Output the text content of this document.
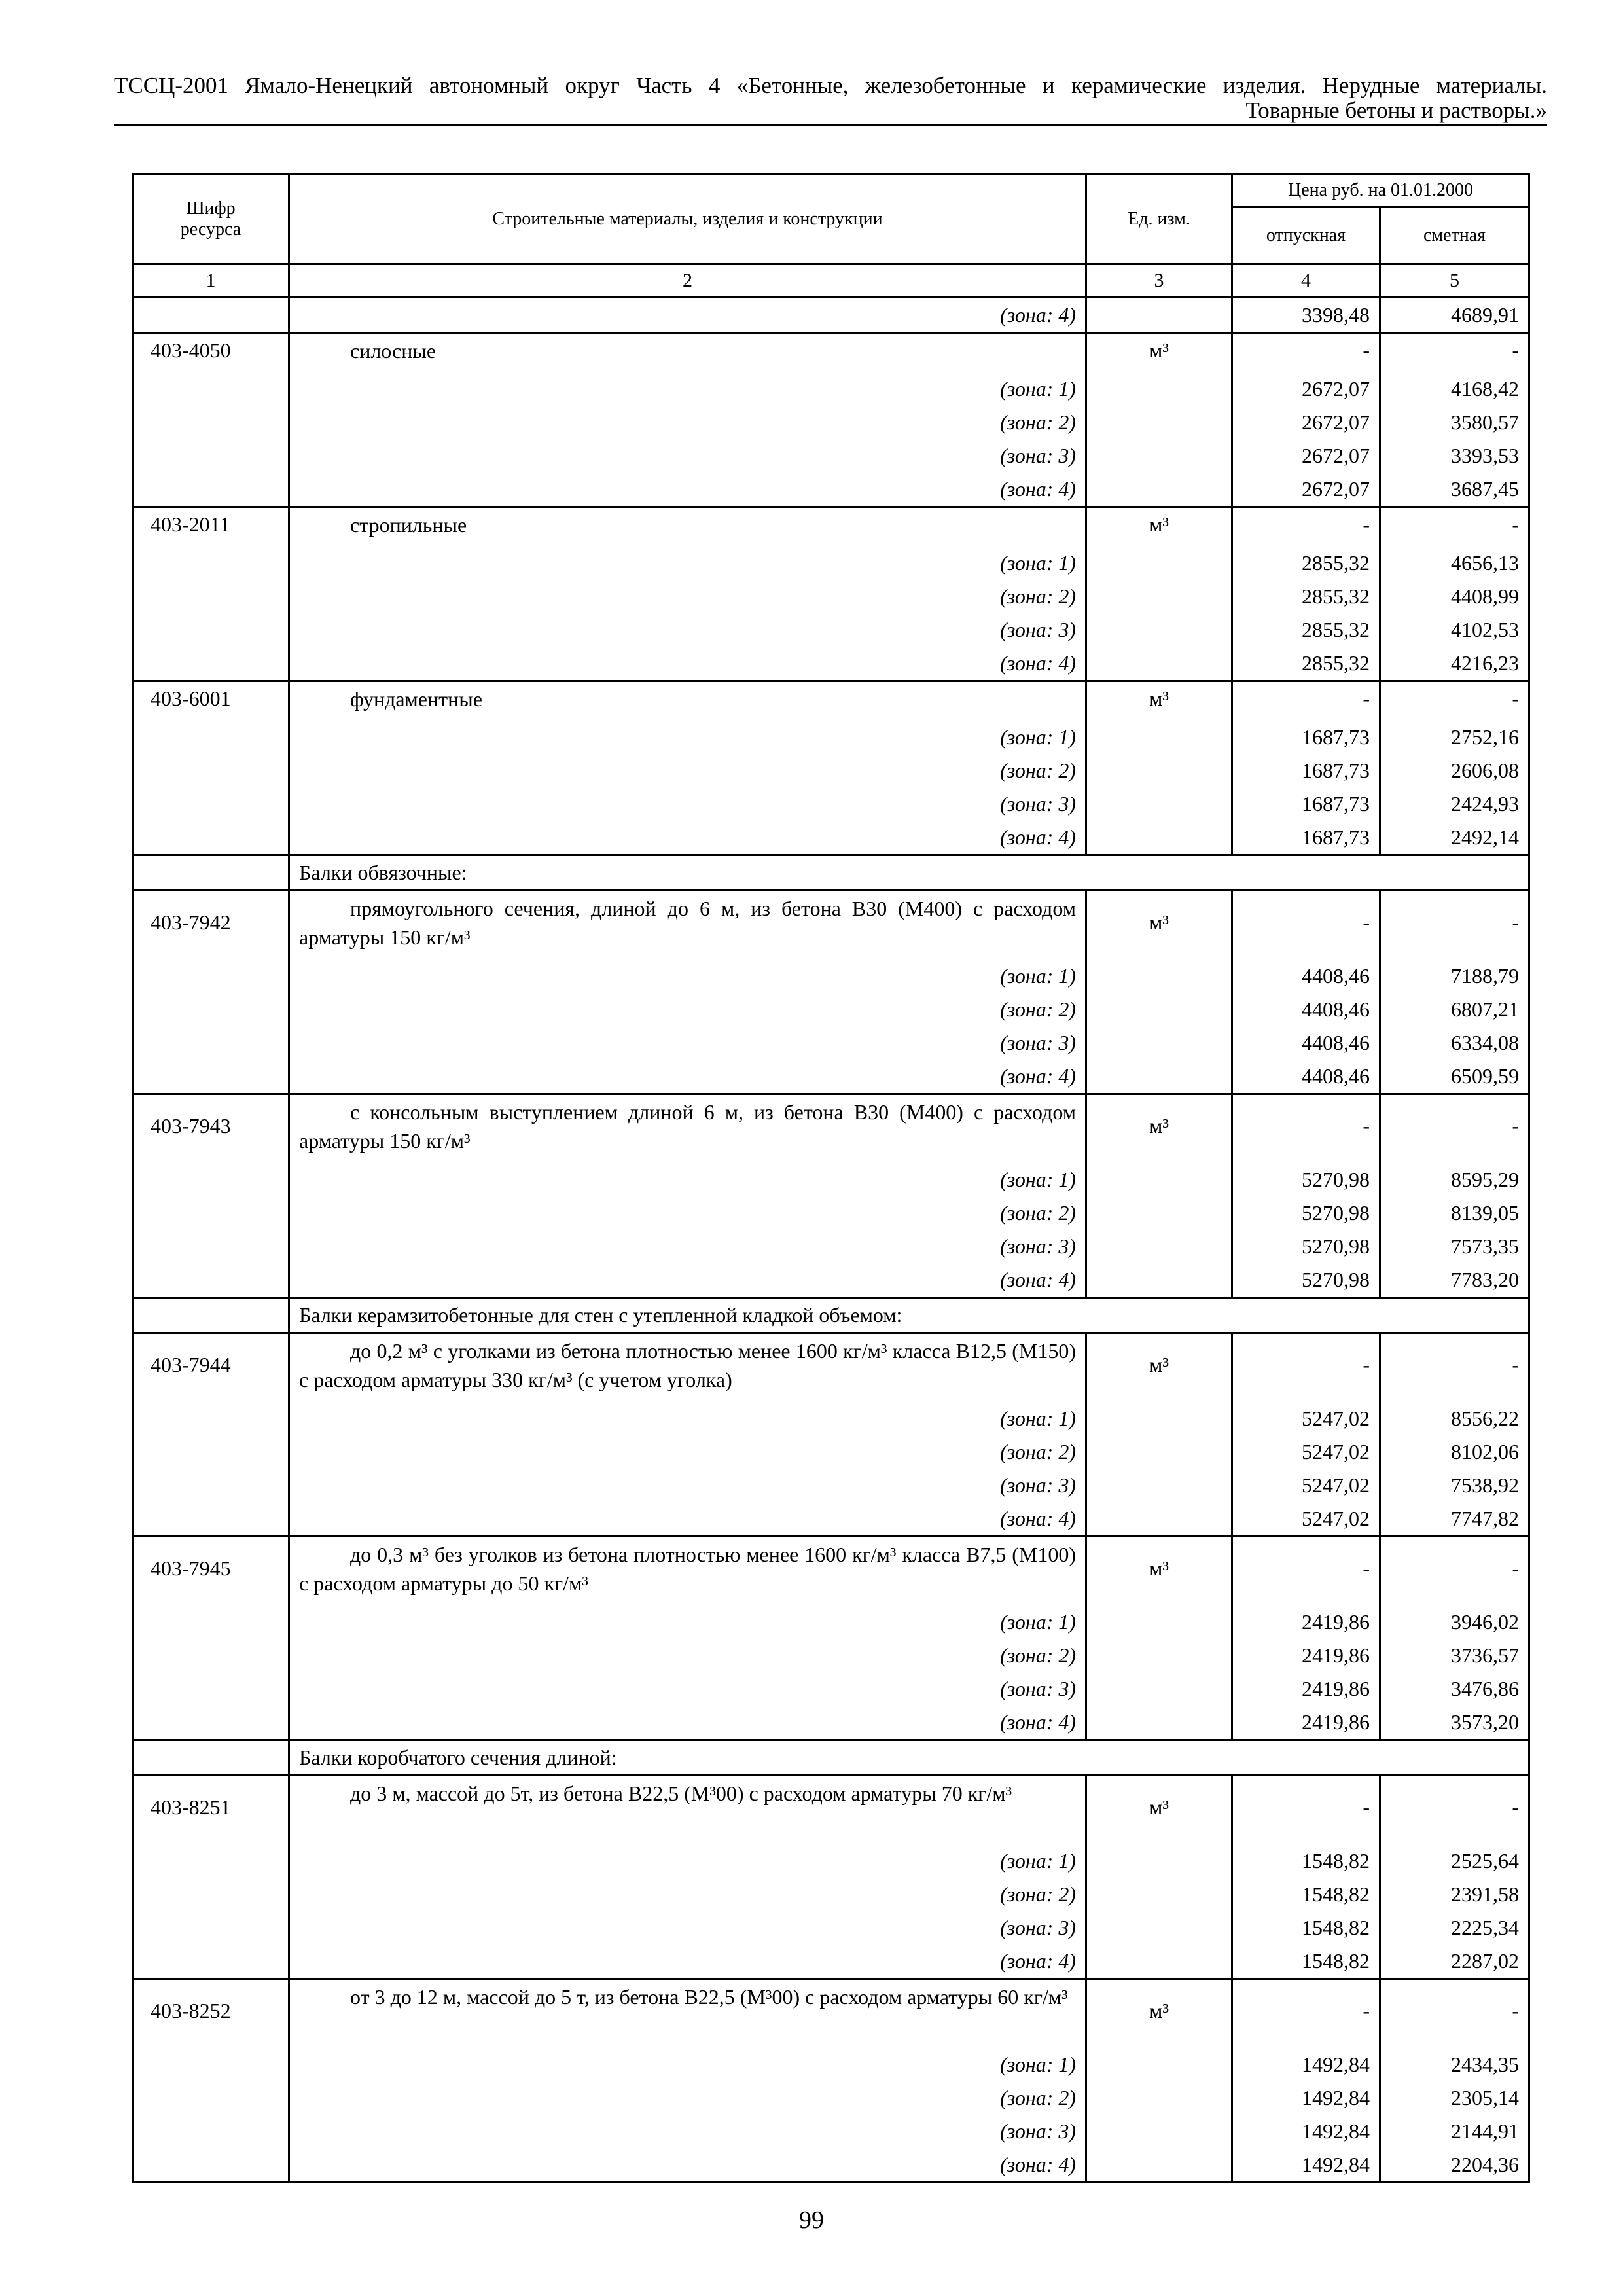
ТССЦ-2001 Ямало-Ненецкий автономный округ Часть 4 «Бетонные, железобетонные и керамические изделия. Нерудные материалы.
Товарные бетоны и растворы.»
Шифр ресурса	Строительные материалы, изделия и конструкции	Ед. изм.	Цена руб. на 01.01.2000	
			отпускная	сметная
1	2	3	4	5
	(зона: 4)		3398,48	4689,91
403-4050	силосные	м³	-	-
	(зона: 1)		2672,07	4168,42
	(зона: 2)		2672,07	3580,57
	(зона: 3)		2672,07	3393,53
	(зона: 4)		2672,07	3687,45
403-2011	стропильные	м³	-	-
	(зона: 1)		2855,32	4656,13
	(зона: 2)		2855,32	4408,99
	(зона: 3)		2855,32	4102,53
	(зона: 4)		2855,32	4216,23
403-6001	фундаментные	м³	-	-
	(зона: 1)		1687,73	2752,16
	(зона: 2)		1687,73	2606,08
	(зона: 3)		1687,73	2424,93
	(зона: 4)		1687,73	2492,14
	Балки обвязочные:			
403-7942	прямоугольного сечения, длиной до 6 м, из бетона В30 (М400) с расходом арматуры 150 кг/м³	м³	-	-
	(зона: 1)		4408,46	7188,79
	(зона: 2)		4408,46	6807,21
	(зона: 3)		4408,46	6334,08
	(зона: 4)		4408,46	6509,59
403-7943	с консольным выступлением длиной 6 м, из бетона В30 (М400) с расходом арматуры 150 кг/м³	м³	-	-
	(зона: 1)		5270,98	8595,29
	(зона: 2)		5270,98	8139,05
	(зона: 3)		5270,98	7573,35
	(зона: 4)		5270,98	7783,20
	Балки керамзитобетонные для стен с утепленной кладкой объемом:			
403-7944	до 0,2 м³ с уголками из бетона плотностью менее 1600 кг/м³ класса В12,5 (М150) с расходом арматуры 330 кг/м³ (с учетом уголка)	м³	-	-
	(зона: 1)		5247,02	8556,22
	(зона: 2)		5247,02	8102,06
	(зона: 3)		5247,02	7538,92
	(зона: 4)		5247,02	7747,82
403-7945	до 0,3 м³ без уголков из бетона плотностью менее 1600 кг/м³ класса В7,5 (М100) с расходом арматуры до 50 кг/м³	м³	-	-
	(зона: 1)		2419,86	3946,02
	(зона: 2)		2419,86	3736,57
	(зона: 3)		2419,86	3476,86
	(зона: 4)		2419,86	3573,20
	Балки коробчатого сечения длиной:			
403-8251	до 3 м, массой до 5т, из бетона В22,5 (М³00) с расходом арматуры 70 кг/м³	м³	-	-
	(зона: 1)		1548,82	2525,64
	(зона: 2)		1548,82	2391,58
	(зона: 3)		1548,82	2225,34
	(зона: 4)		1548,82	2287,02
403-8252	от 3 до 12 м, массой до 5 т, из бетона В22,5 (М³00) с расходом арматуры 60 кг/м³	м³	-	-
	(зона: 1)		1492,84	2434,35
	(зона: 2)		1492,84	2305,14
	(зона: 3)		1492,84	2144,91
	(зона: 4)		1492,84	2204,36
99
